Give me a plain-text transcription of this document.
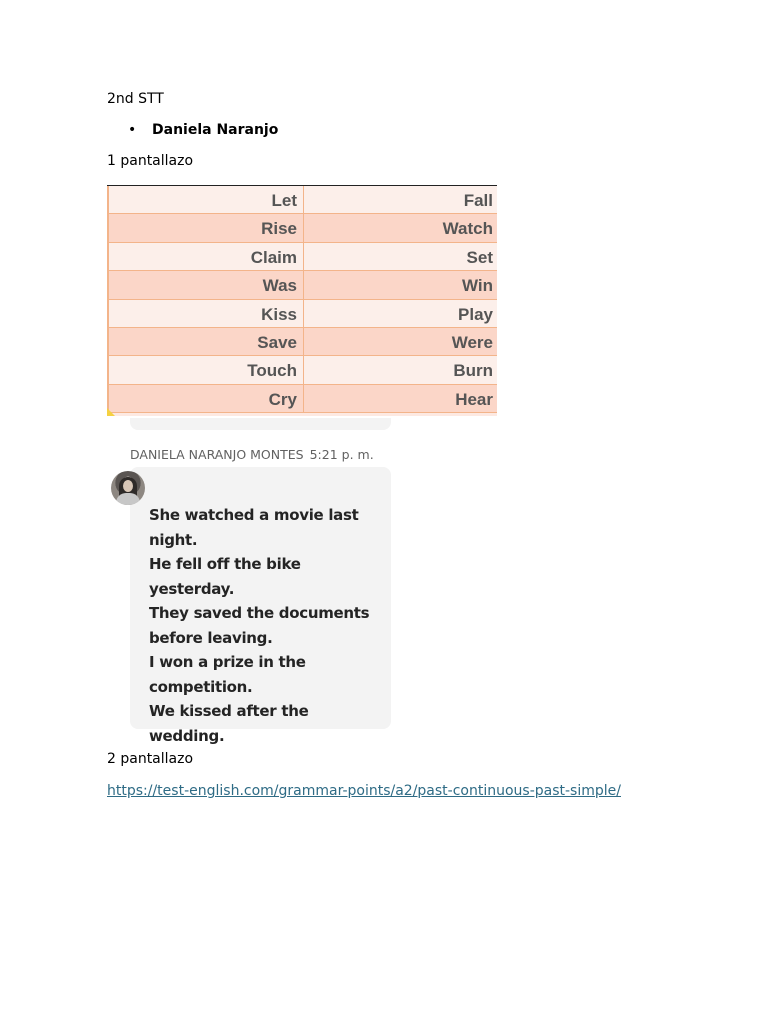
2nd STT
•	Daniela Naranjo
1 pantallazo
Let	Fall
Rise	Watch
Claim	Set
Was	Win
Kiss	Play
Save	Were
Touch	Burn
Cry	Hear
DANIELA NARANJO MONTES 5:21 p. m.
She watched a movie last
night.
He fell off the bike yesterday.
They saved the documents
before leaving.
I won a prize in the
competition.
We kissed after the wedding.
2 pantallazo
https://test-english.com/grammar-points/a2/past-continuous-past-simple/
